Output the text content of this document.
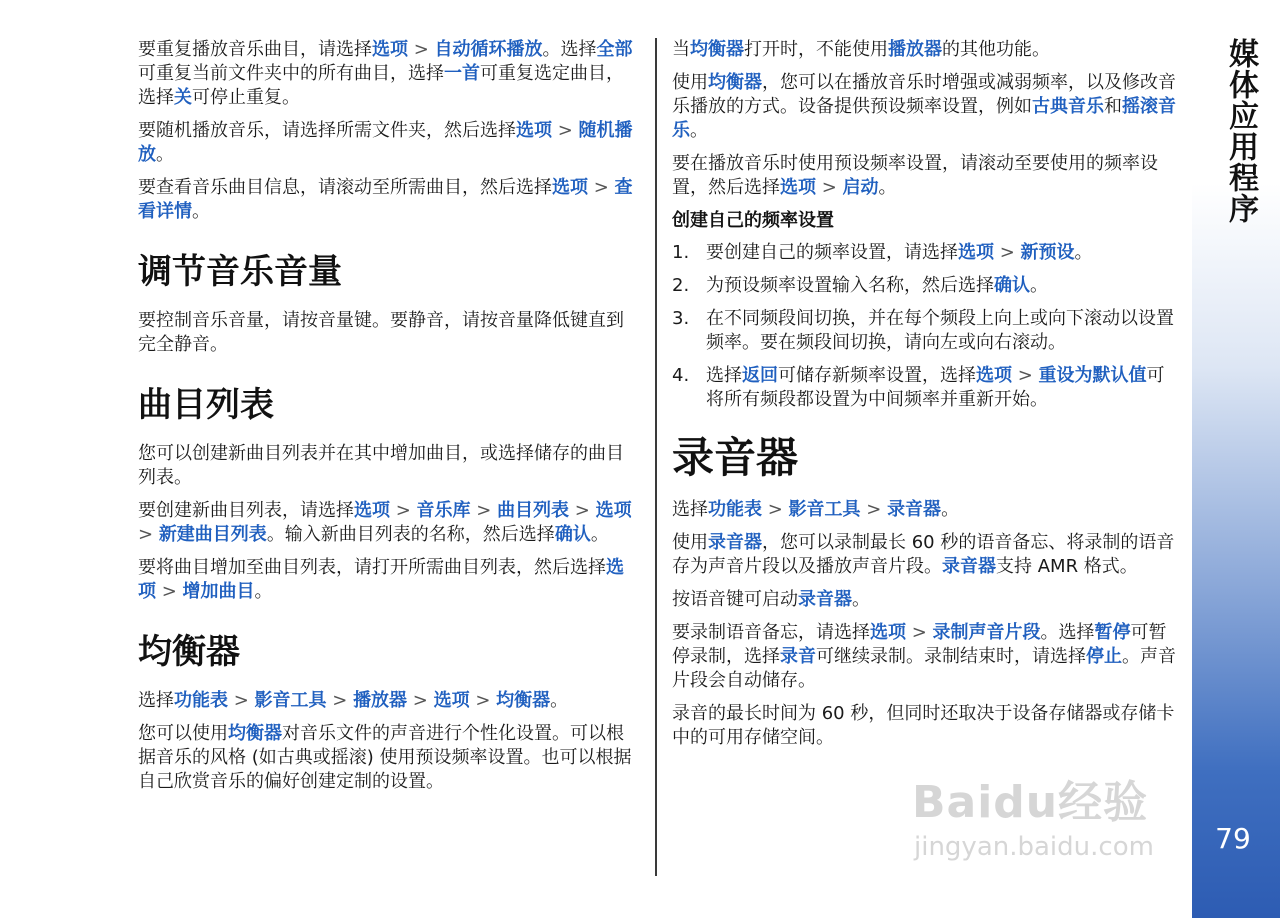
要重复播放音乐曲目，请选择选项 > 自动循环播放。选择全部可重复当前文件夹中的所有曲目，选择一首可重复选定曲目，选择关可停止重复。

要随机播放音乐，请选择所需文件夹，然后选择选项 > 随机播放。

要查看音乐曲目信息，请滚动至所需曲目，然后选择选项 > 查看详情。

调节音乐音量

要控制音乐音量，请按音量键。要静音，请按音量降低键直到完全静音。

曲目列表

您可以创建新曲目列表并在其中增加曲目，或选择储存的曲目列表。

要创建新曲目列表，请选择选项 > 音乐库 > 曲目列表 > 选项 > 新建曲目列表。输入新曲目列表的名称，然后选择确认。

要将曲目增加至曲目列表，请打开所需曲目列表，然后选择选项 > 增加曲目。

均衡器

选择功能表 > 影音工具 > 播放器 > 选项 > 均衡器。

您可以使用均衡器对音乐文件的声音进行个性化设置。可以根据音乐的风格 (如古典或摇滚) 使用预设频率设置。也可以根据自己欣赏音乐的偏好创建定制的设置。

当均衡器打开时，不能使用播放器的其他功能。

使用均衡器，您可以在播放音乐时增强或减弱频率，以及修改音乐播放的方式。设备提供预设频率设置，例如古典音乐和摇滚音乐。

要在播放音乐时使用预设频率设置，请滚动至要使用的频率设置，然后选择选项 > 启动。

创建自己的频率设置
1. 要创建自己的频率设置，请选择选项 > 新预设。
2. 为预设频率设置输入名称，然后选择确认。
3. 在不同频段间切换，并在每个频段上向上或向下滚动以设置频率。要在频段间切换，请向左或向右滚动。
4. 选择返回可储存新频率设置，选择选项 > 重设为默认值可将所有频段都设置为中间频率并重新开始。
录音器

选择功能表 > 影音工具 > 录音器。

使用录音器，您可以录制最长 60 秒的语音备忘、将录制的语音存为声音片段以及播放声音片段。录音器支持 AMR 格式。

按语音键可启动录音器。

要录制语音备忘，请选择选项 > 录制声音片段。选择暂停可暂停录制，选择录音可继续录制。录制结束时，请选择停止。声音片段会自动储存。

录音的最长时间为 60 秒，但同时还取决于设备存储器或存储卡中的可用存储空间。

媒体应用程序
79
Baidu经验
jingyan.baidu.com
